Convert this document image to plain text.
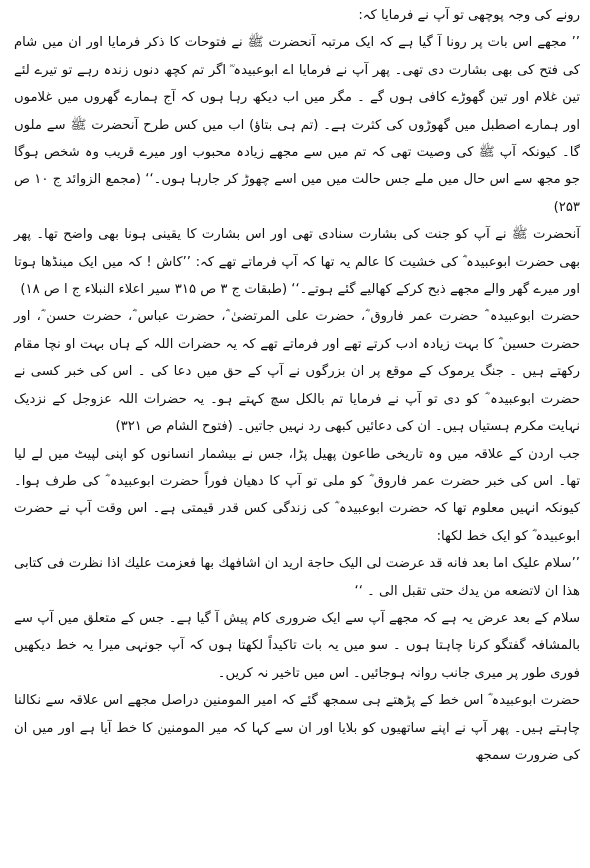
رونے کی وجہ پوچھی تو آپ نے فرمایا کہ:

’’ مجھے اس بات پر رونا آ گیا ہے کہ ایک مرتبہ آنحضرت ﷺ نے فتوحات کا ذکر فرمایا اور ان میں شام کی فتح کی بھی بشارت دی تھی۔ پھر آپ نے فرمایا اے ابوعبیدہ ؓ اگر تم کچھ دنوں زندہ رہے تو تیرے لئے تین غلام اور تین گھوڑے کافی ہوں گے ۔ مگر میں اب دیکھ رہا ہوں کہ آج ہمارے گھروں میں غلاموں اور ہمارے اصطبل میں گھوڑوں کی کثرت ہے۔ (تم ہی بتاؤ) اب میں کس طرح آنحضرت ﷺ سے ملوں گا۔ کیونکہ آپ ﷺ کی وصیت تھی کہ تم میں سے مجھے زیادہ محبوب اور میرے قریب وہ شخص ہوگا جو مجھ سے اس حال میں ملے جس حالت میں میں اسے چھوڑ کر جارہا ہوں۔‘‘ (مجمع الزوائد ج ۱۰ ص ۲۵۳)

آنحضرت ﷺ نے آپ کو جنت کی بشارت سنادی تھی اور اس بشارت کا یقینی ہونا بھی واضح تھا۔ پھر بھی حضرت ابوعبیدہ ؓ کی خشیت کا عالم یہ تھا کہ آپ فرماتے تھے کہ: ’’کاش ! کہ میں ایک مینڈھا ہوتا اور میرے گھر والے مجھے ذبح کرکے کھالیے گئے ہوتے۔‘‘ (طبقات ج ۳ ص ۳۱۵ سیر اعلاء النبلاء ج ا ص ۱۸)

حضرت ابوعبیدہ ؓ حضرت عمر فاروق ؓ، حضرت علی المرتضیٰ ؓ، حضرت عباس ؓ، حضرت حسن ؓ، اور حضرت حسین ؓ کا بہت زیادہ ادب کرتے تھے اور فرماتے تھے کہ یہ حضرات اللہ کے ہاں بہت او نچا مقام رکھتے ہیں ۔ جنگ یرموک کے موقع پر ان بزرگوں نے آپ کے حق میں دعا کی ۔ اس کی خبر کسی نے حضرت ابوعبیدہ ؓ کو دی تو آپ نے فرمایا تم بالکل سچ کہتے ہو۔ یہ حضرات اللہ عزوجل کے نزدیک نہایت مکرم ہستیاں ہیں۔ ان کی دعائیں کبھی رد نہیں جاتیں۔ (فتوح الشام ص ۳۲۱)

جب اردن کے علاقہ میں وہ تاریخی طاعون پھیل پڑا، جس نے بیشمار انسانوں کو اپنی لپیٹ میں لے لیا تھا۔ اس کی خبر حضرت عمر فاروق ؓ کو ملی تو آپ کا دھیان فوراً حضرت ابوعبیدہ ؓ کی طرف ہوا۔ کیونکہ انہیں معلوم تھا کہ حضرت ابوعبیدہ ؓ کی زندگی کس قدر قیمتی ہے۔ اس وقت آپ نے حضرت ابوعبیدہ ؓ کو ایک خط لکھا:

’’سلام علیک اما بعد فانه قد عرضت لی الیک حاجة ارید ان اشافهك بها فعزمت علیك اذا نظرت فی کتابی هذا ان لاتضعه من یدك حتی تقبل الی ۔ ‘‘

سلام کے بعد عرض یہ ہے کہ مجھے آپ سے ایک ضروری کام پیش آ گیا ہے۔ جس کے متعلق میں آپ سے بالمشافہ گفتگو کرنا چاہتا ہوں ۔ سو میں یہ بات تاکیداً لکھتا ہوں کہ آپ جونہی میرا یہ خط دیکھیں فوری طور پر میری جانب روانہ ہوجائیں۔ اس میں تاخیر نہ کریں۔

حضرت ابوعبیدہ ؓ اس خط کے پڑھتے ہی سمجھ گئے کہ امیر المومنین دراصل مجھے اس علاقہ سے نکالنا چاہتے ہیں۔ پھر آپ نے اپنے ساتھیوں کو بلایا اور ان سے کہا کہ میر المومنین کا خط آیا ہے اور میں ان کی ضرورت سمجھ
